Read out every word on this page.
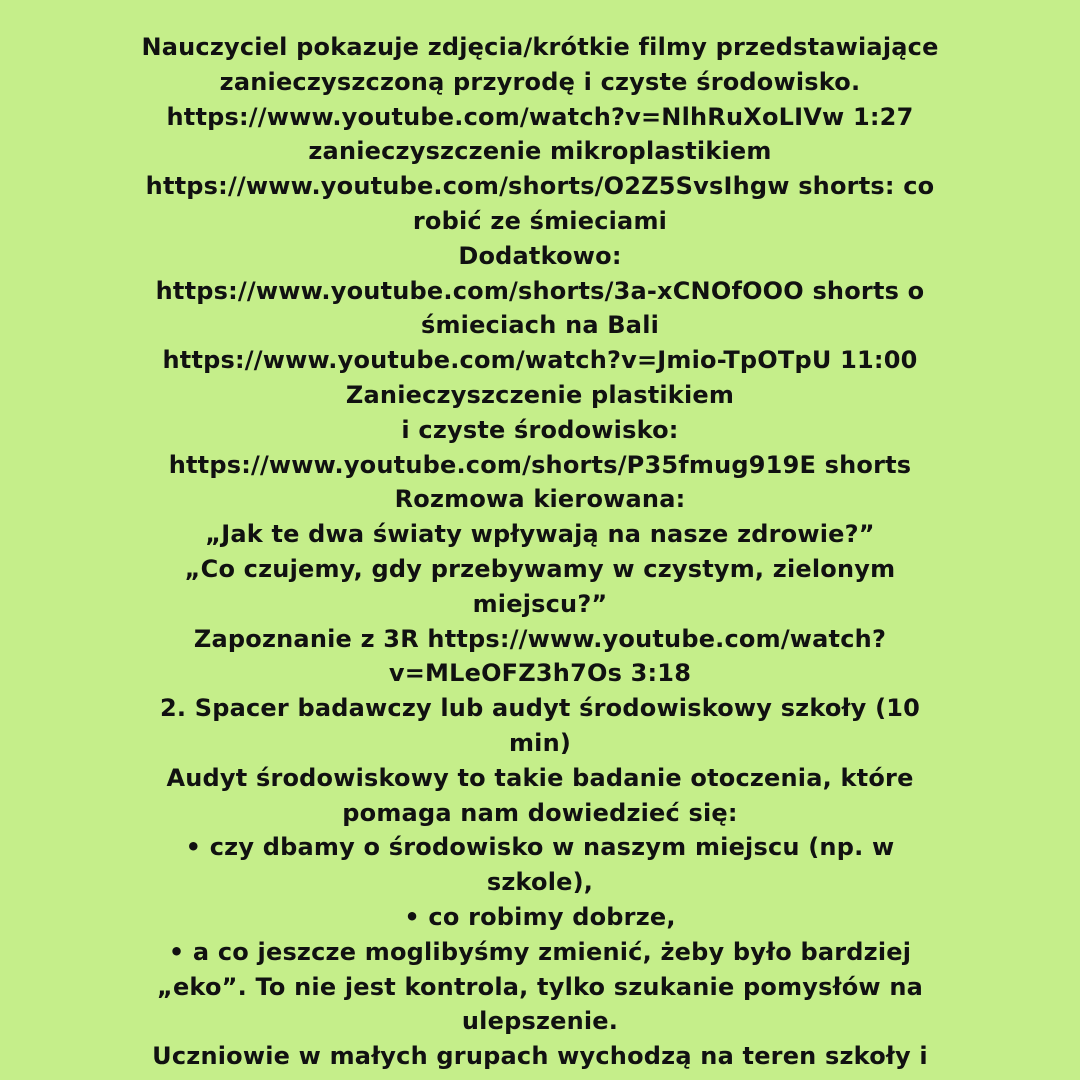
Nauczyciel pokazuje zdjęcia/krótkie filmy przedstawiające
zanieczyszczoną przyrodę i czyste środowisko.
https://www.youtube.com/watch?v=NlhRuXoLIVw 1:27
zanieczyszczenie mikroplastikiem
https://www.youtube.com/shorts/O2Z5SvsIhgw shorts: co
robić ze śmieciami
Dodatkowo:
https://www.youtube.com/shorts/3a-xCNOfOOO shorts o
śmieciach na Bali
https://www.youtube.com/watch?v=Jmio-TpOTpU 11:00
Zanieczyszczenie plastikiem
i czyste środowisko:
https://www.youtube.com/shorts/P35fmug919E shorts
Rozmowa kierowana:
„Jak te dwa światy wpływają na nasze zdrowie?”
„Co czujemy, gdy przebywamy w czystym, zielonym
miejscu?”
Zapoznanie z 3R https://www.youtube.com/watch?
v=MLeOFZ3h7Os 3:18
2. Spacer badawczy lub audyt środowiskowy szkoły (10
min)
Audyt środowiskowy to takie badanie otoczenia, które
pomaga nam dowiedzieć się:
• czy dbamy o środowisko w naszym miejscu (np. w
szkole),
• co robimy dobrze,
• a co jeszcze moglibyśmy zmienić, żeby było bardziej
„eko”. To nie jest kontrola, tylko szukanie pomysłów na
ulepszenie.
Uczniowie w małych grupach wychodzą na teren szkoły i
